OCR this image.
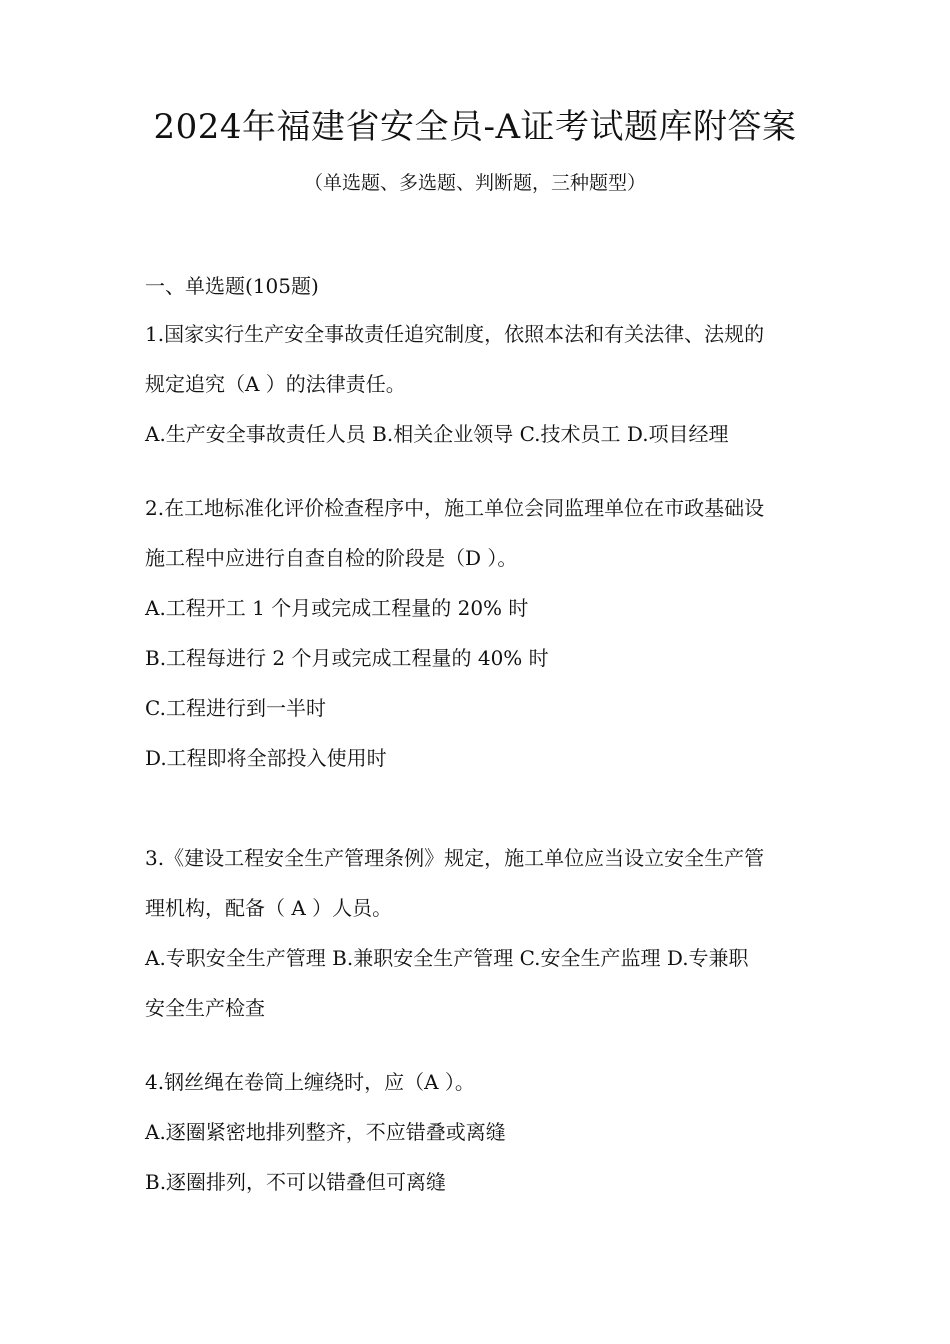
2024年福建省安全员-A证考试题库附答案
（单选题、多选题、判断题，三种题型）
一、单选题(105题)
1.国家实行生产安全事故责任追究制度，依照本法和有关法律、法规的
规定追究（A ）的法律责任。
A.生产安全事故责任人员 B.相关企业领导 C.技术员工 D.项目经理
2.在工地标准化评价检查程序中，施工单位会同监理单位在市政基础设
施工程中应进行自查自检的阶段是（D ）。
A.工程开工 1 个月或完成工程量的 20% 时
B.工程每进行 2 个月或完成工程量的 40% 时
C.工程进行到一半时
D.工程即将全部投入使用时
3.《建设工程安全生产管理条例》规定，施工单位应当设立安全生产管
理机构，配备（ A ）人员。
A.专职安全生产管理 B.兼职安全生产管理 C.安全生产监理 D.专兼职
安全生产检查
4.钢丝绳在卷筒上缠绕时，应（A ）。
A.逐圈紧密地排列整齐，不应错叠或离缝
B.逐圈排列，不可以错叠但可离缝
